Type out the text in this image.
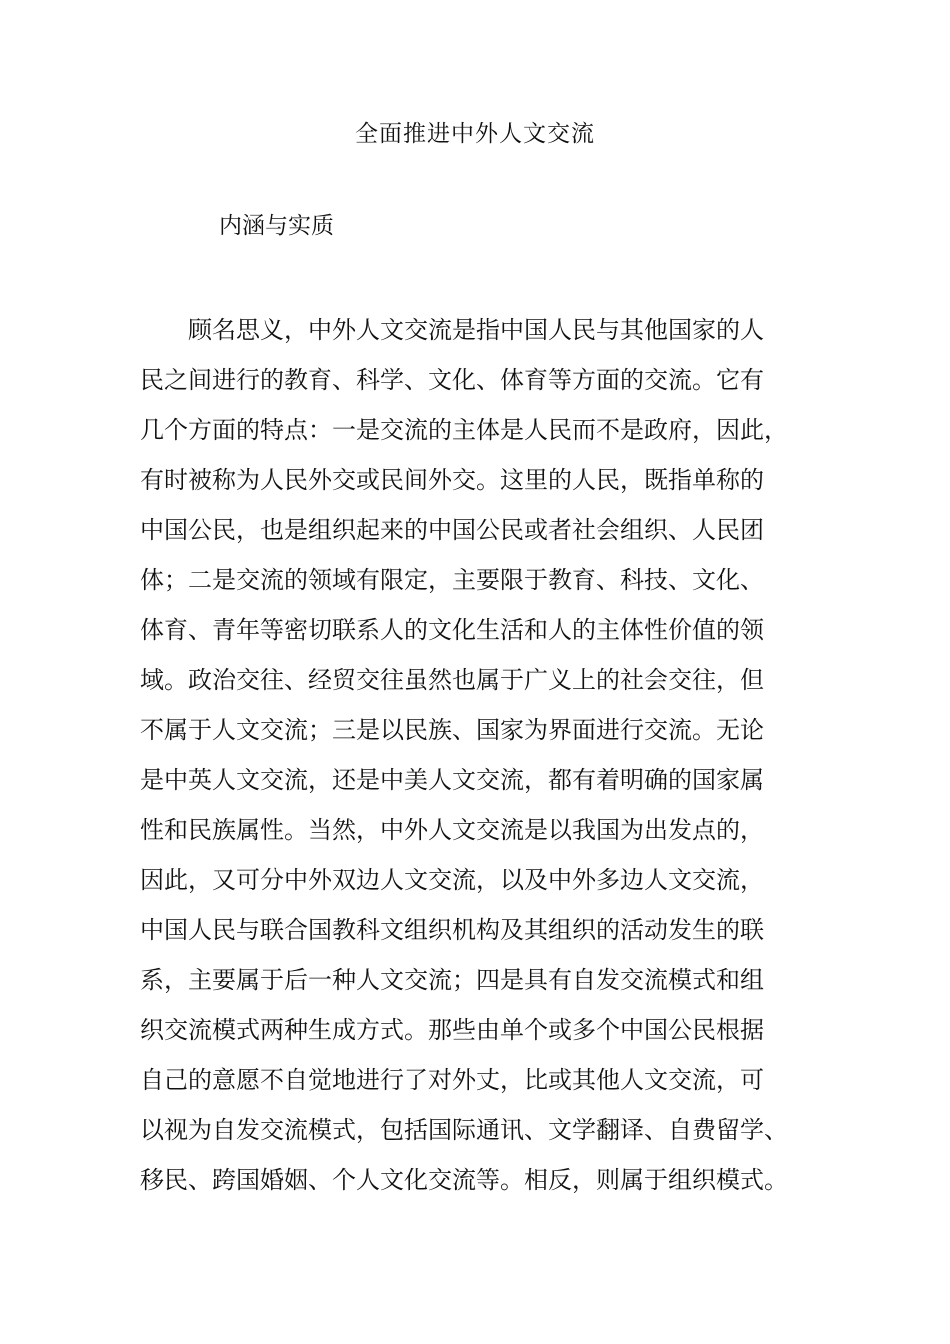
全面推进中外人文交流
内涵与实质
顾名思义，中外人文交流是指中国人民与其他国家的人
民之间进行的教育、科学、文化、体育等方面的交流。它有
几个方面的特点：一是交流的主体是人民而不是政府，因此，
有时被称为人民外交或民间外交。这里的人民，既指单称的
中国公民，也是组织起来的中国公民或者社会组织、人民团
体；二是交流的领域有限定，主要限于教育、科技、文化、
体育、青年等密切联系人的文化生活和人的主体性价值的领
域。政治交往、经贸交往虽然也属于广义上的社会交往，但
不属于人文交流；三是以民族、国家为界面进行交流。无论
是中英人文交流，还是中美人文交流，都有着明确的国家属
性和民族属性。当然，中外人文交流是以我国为出发点的，
因此，又可分中外双边人文交流，以及中外多边人文交流，
中国人民与联合国教科文组织机构及其组织的活动发生的联
系，主要属于后一种人文交流；四是具有自发交流模式和组
织交流模式两种生成方式。那些由单个或多个中国公民根据
自己的意愿不自觉地进行了对外丈，比或其他人文交流，可
以视为自发交流模式，包括国际通讯、文学翻译、自费留学、
移民、跨国婚姻、个人文化交流等。相反，则属于组织模式。
